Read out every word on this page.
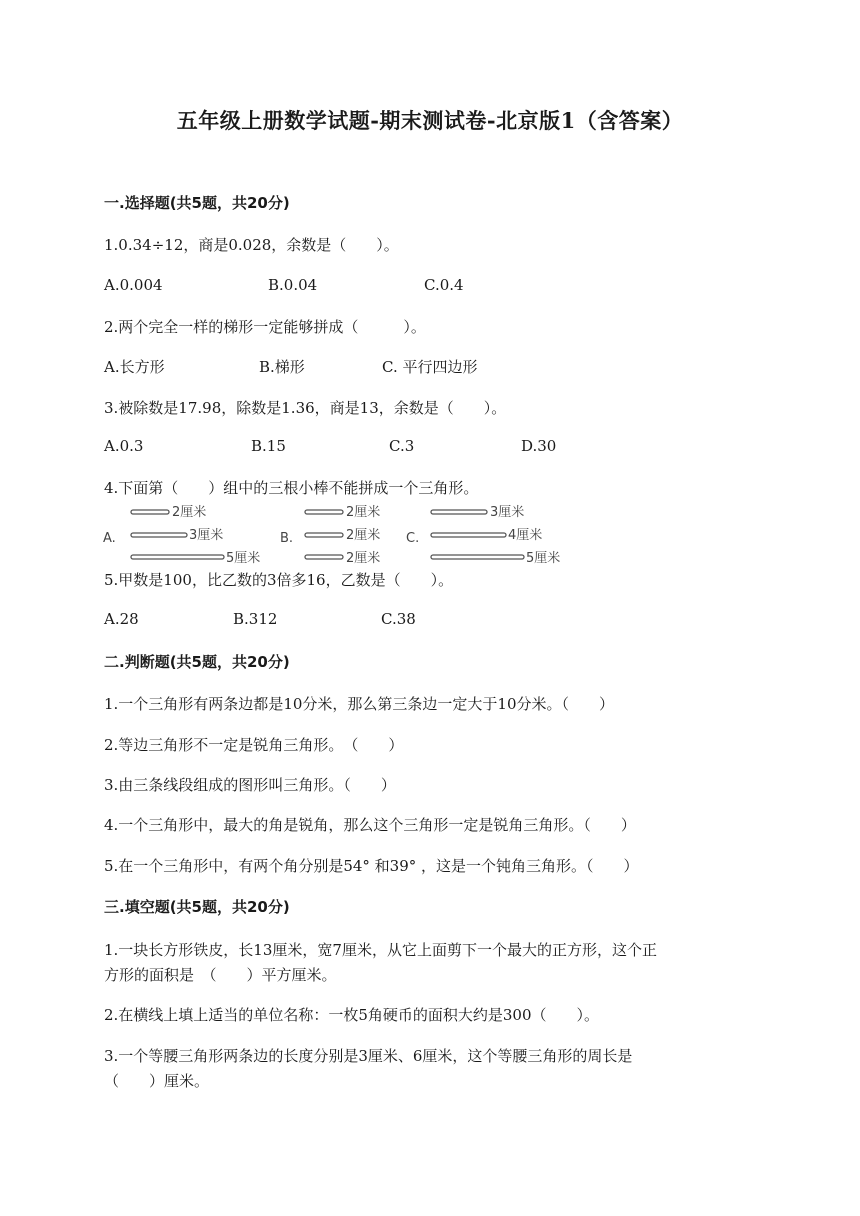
五年级上册数学试题-期末测试卷-北京版1（含答案）
一.选择题(共5题，共20分)
1.0.34÷12，商是0.028，余数是（　　）。
A.0.004	B.0.04	C.0.4
2.两个完全一样的梯形一定能够拼成（　　　）。
A.长方形	B.梯形	C. 平行四边形
3.被除数是17.98，除数是1.36，商是13，余数是（　　）。
A.0.3	B.15	C.3	D.30
4.下面第（　　）组中的三根小棒不能拼成一个三角形。
A.
2厘米
3厘米
5厘米
B.
2厘米
2厘米
2厘米
C.
3厘米
4厘米
5厘米
5.甲数是100，比乙数的3倍多16，乙数是（　　）。
A.28	B.312	C.38
二.判断题(共5题，共20分)
1.一个三角形有两条边都是10分米，那么第三条边一定大于10分米。（　　）
2.等边三角形不一定是锐角三角形。　（　　）
3.由三条线段组成的图形叫三角形。（　　）
4.一个三角形中，最大的角是锐角，那么这个三角形一定是锐角三角形。（　　）
5.在一个三角形中，有两个角分别是54° 和39° ，这是一个钝角三角形。（　　）
三.填空题(共5题，共20分)
1.一块长方形铁皮，长13厘米，宽7厘米，从它上面剪下一个最大的正方形，这个正
方形的面积是　（　　）平方厘米。
2.在横线上填上适当的单位名称：一枚5角硬币的面积大约是300（　　）。
3.一个等腰三角形两条边的长度分别是3厘米、6厘米，这个等腰三角形的周长是
（　　）厘米。
